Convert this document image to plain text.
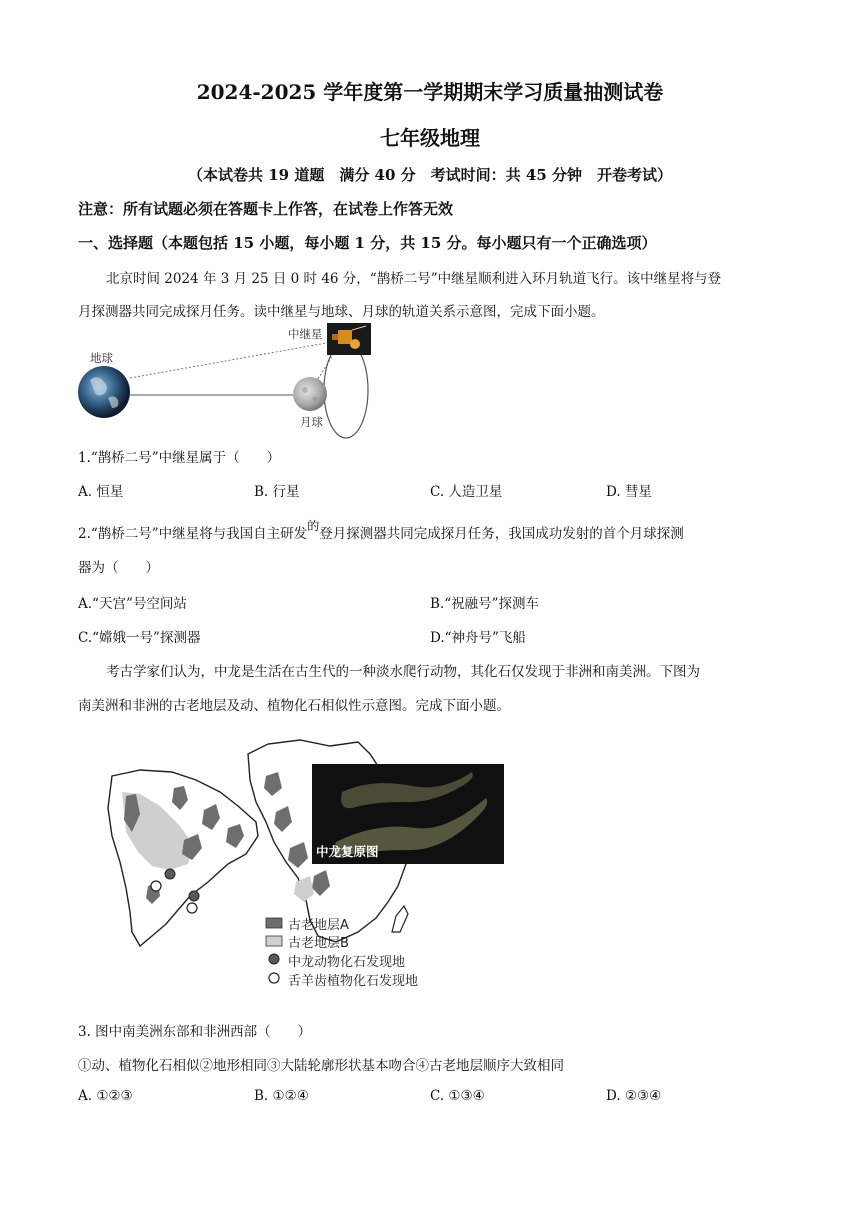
2024-2025 学年度第一学期期末学习质量抽测试卷
七年级地理
（本试卷共 19 道题　满分 40 分　考试时间：共 45 分钟　开卷考试）
注意：所有试题必须在答题卡上作答，在试卷上作答无效
一、选择题（本题包括 15 小题，每小题 1 分，共 15 分。每小题只有一个正确选项）
北京时间 2024 年 3 月 25 日 0 时 46 分，“鹊桥二号”中继星顺利进入环月轨道飞行。该中继星将与登
月探测器共同完成探月任务。读中继星与地球、月球的轨道关系示意图，完成下面小题。
地球
中继星
月球
1.“鹊桥二号”中继星属于（　　）
A. 恒星	B. 行星	C. 人造卫星	D. 彗星
2.“鹊桥二号”中继星将与我国自主研发的登月探测器共同完成探月任务，我国成功发射的首个月球探测
器为（　　）
A.“天宫”号空间站	B.“祝融号”探测车
C.“嫦娥一号”探测器	D.“神舟号”飞船
考古学家们认为，中龙是生活在古生代的一种淡水爬行动物，其化石仅发现于非洲和南美洲。下图为
南美洲和非洲的古老地层及动、植物化石相似性示意图。完成下面小题。
古老地层A
古老地层B
中龙动物化石发现地
舌羊齿植物化石发现地
中龙复原图
3. 图中南美洲东部和非洲西部（　　）
①动、植物化石相似②地形相同③大陆轮廓形状基本吻合④古老地层顺序大致相同
A. ①②③	B. ①②④	C. ①③④	D. ②③④
